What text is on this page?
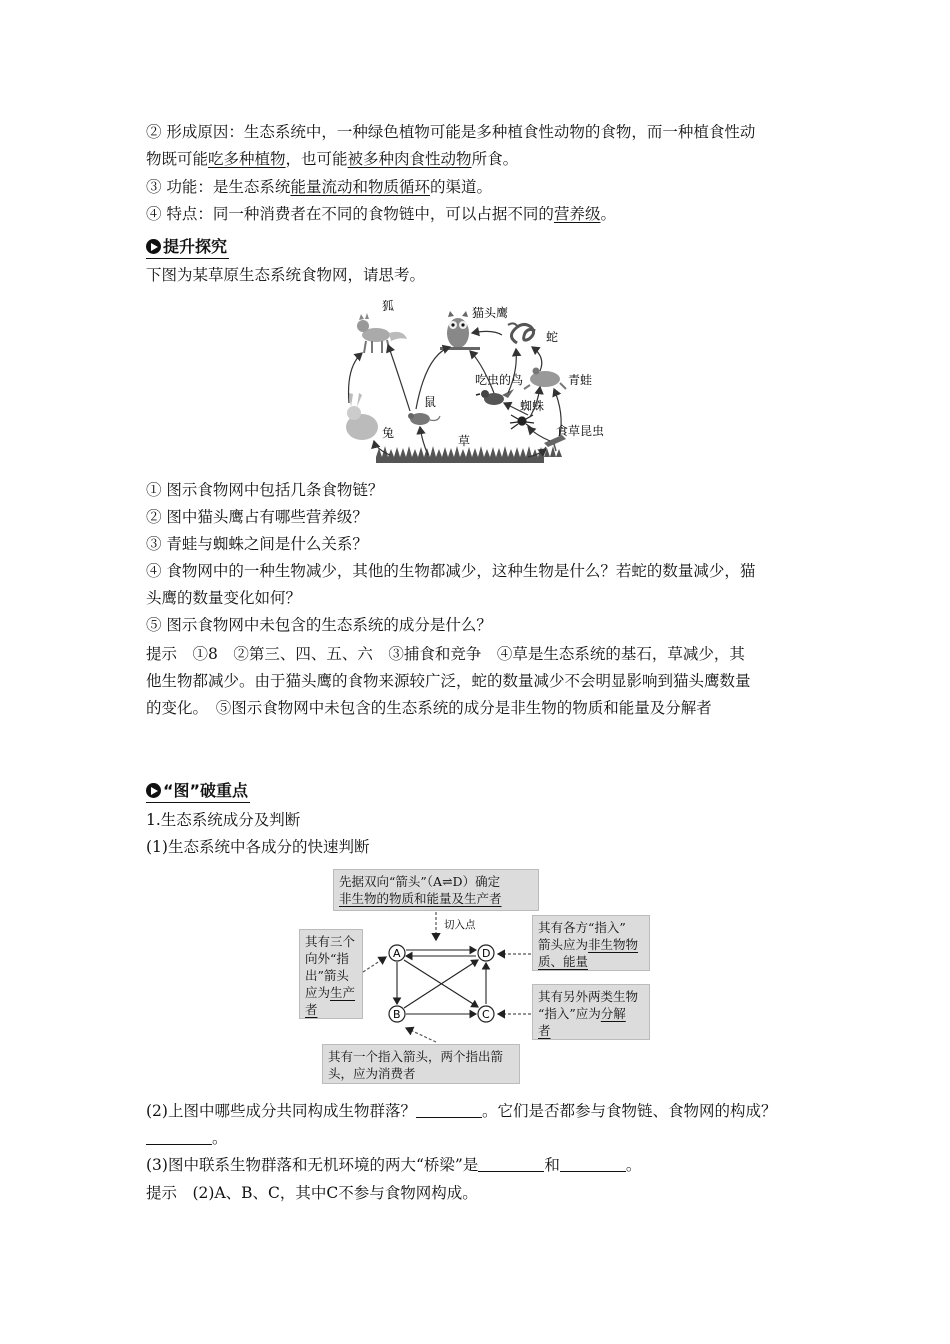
② 形成原因：生态系统中，一种绿色植物可能是多种植食性动物的食物，而一种植食性动
物既可能吃多种植物，也可能被多种肉食性动物所食。
③ 功能：是生态系统能量流动和物质循环的渠道。
④ 特点：同一种消费者在不同的食物链中，可以占据不同的营养级。
提升探究
下图为某草原生态系统食物网，请思考。
狐	猫头鹰
蛇
青蛙
吃虫的鸟
蜘蛛
食草昆虫
鼠
兔
草
① 图示食物网中包括几条食物链？
② 图中猫头鹰占有哪些营养级？
③ 青蛙与蜘蛛之间是什么关系？
④ 食物网中的一种生物减少，其他的生物都减少，这种生物是什么？若蛇的数量减少，猫
头鹰的数量变化如何？
⑤ 图示食物网中未包含的生态系统的成分是什么？
提示　①8　②第三、四、五、六　③捕食和竞争　④草是生态系统的基石，草减少，其
他生物都减少。由于猫头鹰的食物来源较广泛，蛇的数量减少不会明显影响到猫头鹰数量
的变化。　⑤图示食物网中未包含的生态系统的成分是非生物的物质和能量及分解者
“图”破重点
1.生态系统成分及判断
(1)生态系统中各成分的快速判断
先据双向“箭头”（A⇌D）确定
非生物的物质和能量及生产者
其有三个
向外“指
出”箭头
应为生产
者
其有各方“指入”
箭头应为非生物物
质、能量
其有另外两类生物
“指入”应为分解
者
其有一个指入箭头，两个指出箭
头，应为消费者
切入点
A	D
B	C
(2)上图中哪些成分共同构成生物群落？	。它们是否都参与食物链、食物网的构成？
。
(3)图中联系生物群落和无机环境的两大“桥梁”是	和	。
提示　(2)A、B、C，其中C不参与食物网构成。
